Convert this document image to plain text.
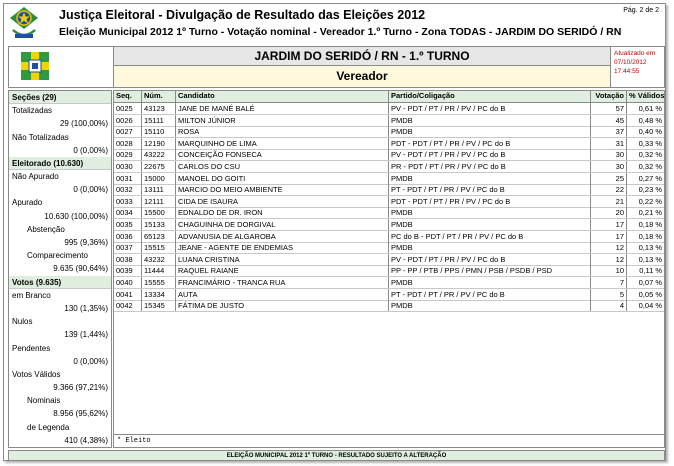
Justiça Eleitoral - Divulgação de Resultado das Eleições 2012
Eleição Municipal 2012 1º Turno - Votação nominal - Vereador 1.º Turno - Zona TODAS - JARDIM DO SERIDÓ / RN
Pág. 2 de 2
JARDIM DO SERIDÓ / RN - 1.º TURNO
Vereador
Atualizado em
07/10/2012
17:44:55
Seções (29)
Totalizadas
29 (100,00%)
Não Totalizadas
0 (0,00%)
Eleitorado (10.630)
Não Apurado
0 (0,00%)
Apurado
10.630 (100,00%)
Abstenção
995 (9,36%)
Comparecimento
9.635 (90,64%)
Votos (9.635)
em Branco
130 (1,35%)
Nulos
139 (1,44%)
Pendentes
0 (0,00%)
Votos Válidos
9.366 (97,21%)
Nominais
8.956 (95,62%)
de Legenda
410 (4,38%)
Seq.	Núm.	Candidato	Partido/Coligação	Votação % Válidos
0025	43123	JANE DE MANÉ BALÉ	PV - PDT / PT / PR / PV / PC do B	57	0,61 %
0026	15111	MILTON JÚNIOR	PMDB	45	0,48 %
0027	15110	ROSA	PMDB	37	0,40 %
0028	12190	MARQUINHO DE LIMA	PDT - PDT / PT / PR / PV / PC do B	31	0,33 %
0029	43222	CONCEIÇÃO FONSECA	PV - PDT / PT / PR / PV / PC do B	30	0,32 %
0030	22675	CARLOS DO CSU	PR - PDT / PT / PR / PV / PC do B	30	0,32 %
0031	15000	MANOEL DO GOITI	PMDB	25	0,27 %
0032	13111	MARCIO DO MEIO AMBIENTE	PT - PDT / PT / PR / PV / PC do B	22	0,23 %
0033	12111	CIDA DE ISAURA	PDT - PDT / PT / PR / PV / PC do B	21	0,22 %
0034	15500	EDNALDO DE DR. IRON	PMDB	20	0,21 %
0035	15133	CHAGUINHA DE DORGIVAL	PMDB	17	0,18 %
0036	65123	ADVANUSIA DE ALGAROBA	PC do B - PDT / PT / PR / PV / PC do B	17	0,18 %
0037	15515	JEANE - AGENTE DE ENDEMIAS	PMDB	12	0,13 %
0038	43232	LUANA CRISTINA	PV - PDT / PT / PR / PV / PC do B	12	0,13 %
0039	11444	RAQUEL RAIANE	PP - PP / PTB / PPS / PMN / PSB / PSDB / PSD	10	0,11 %
0040	15555	FRANCIMÁRIO - TRANCA RUA	PMDB	7	0,07 %
0041	13334	AUTA	PT - PDT / PT / PR / PV / PC do B	5	0,05 %
0042	15345	FÁTIMA DE JUSTO	PMDB	4	0,04 %
* Eleito
ELEIÇÃO MUNICIPAL 2012 1º TURNO - RESULTADO SUJEITO A ALTERAÇÃO
